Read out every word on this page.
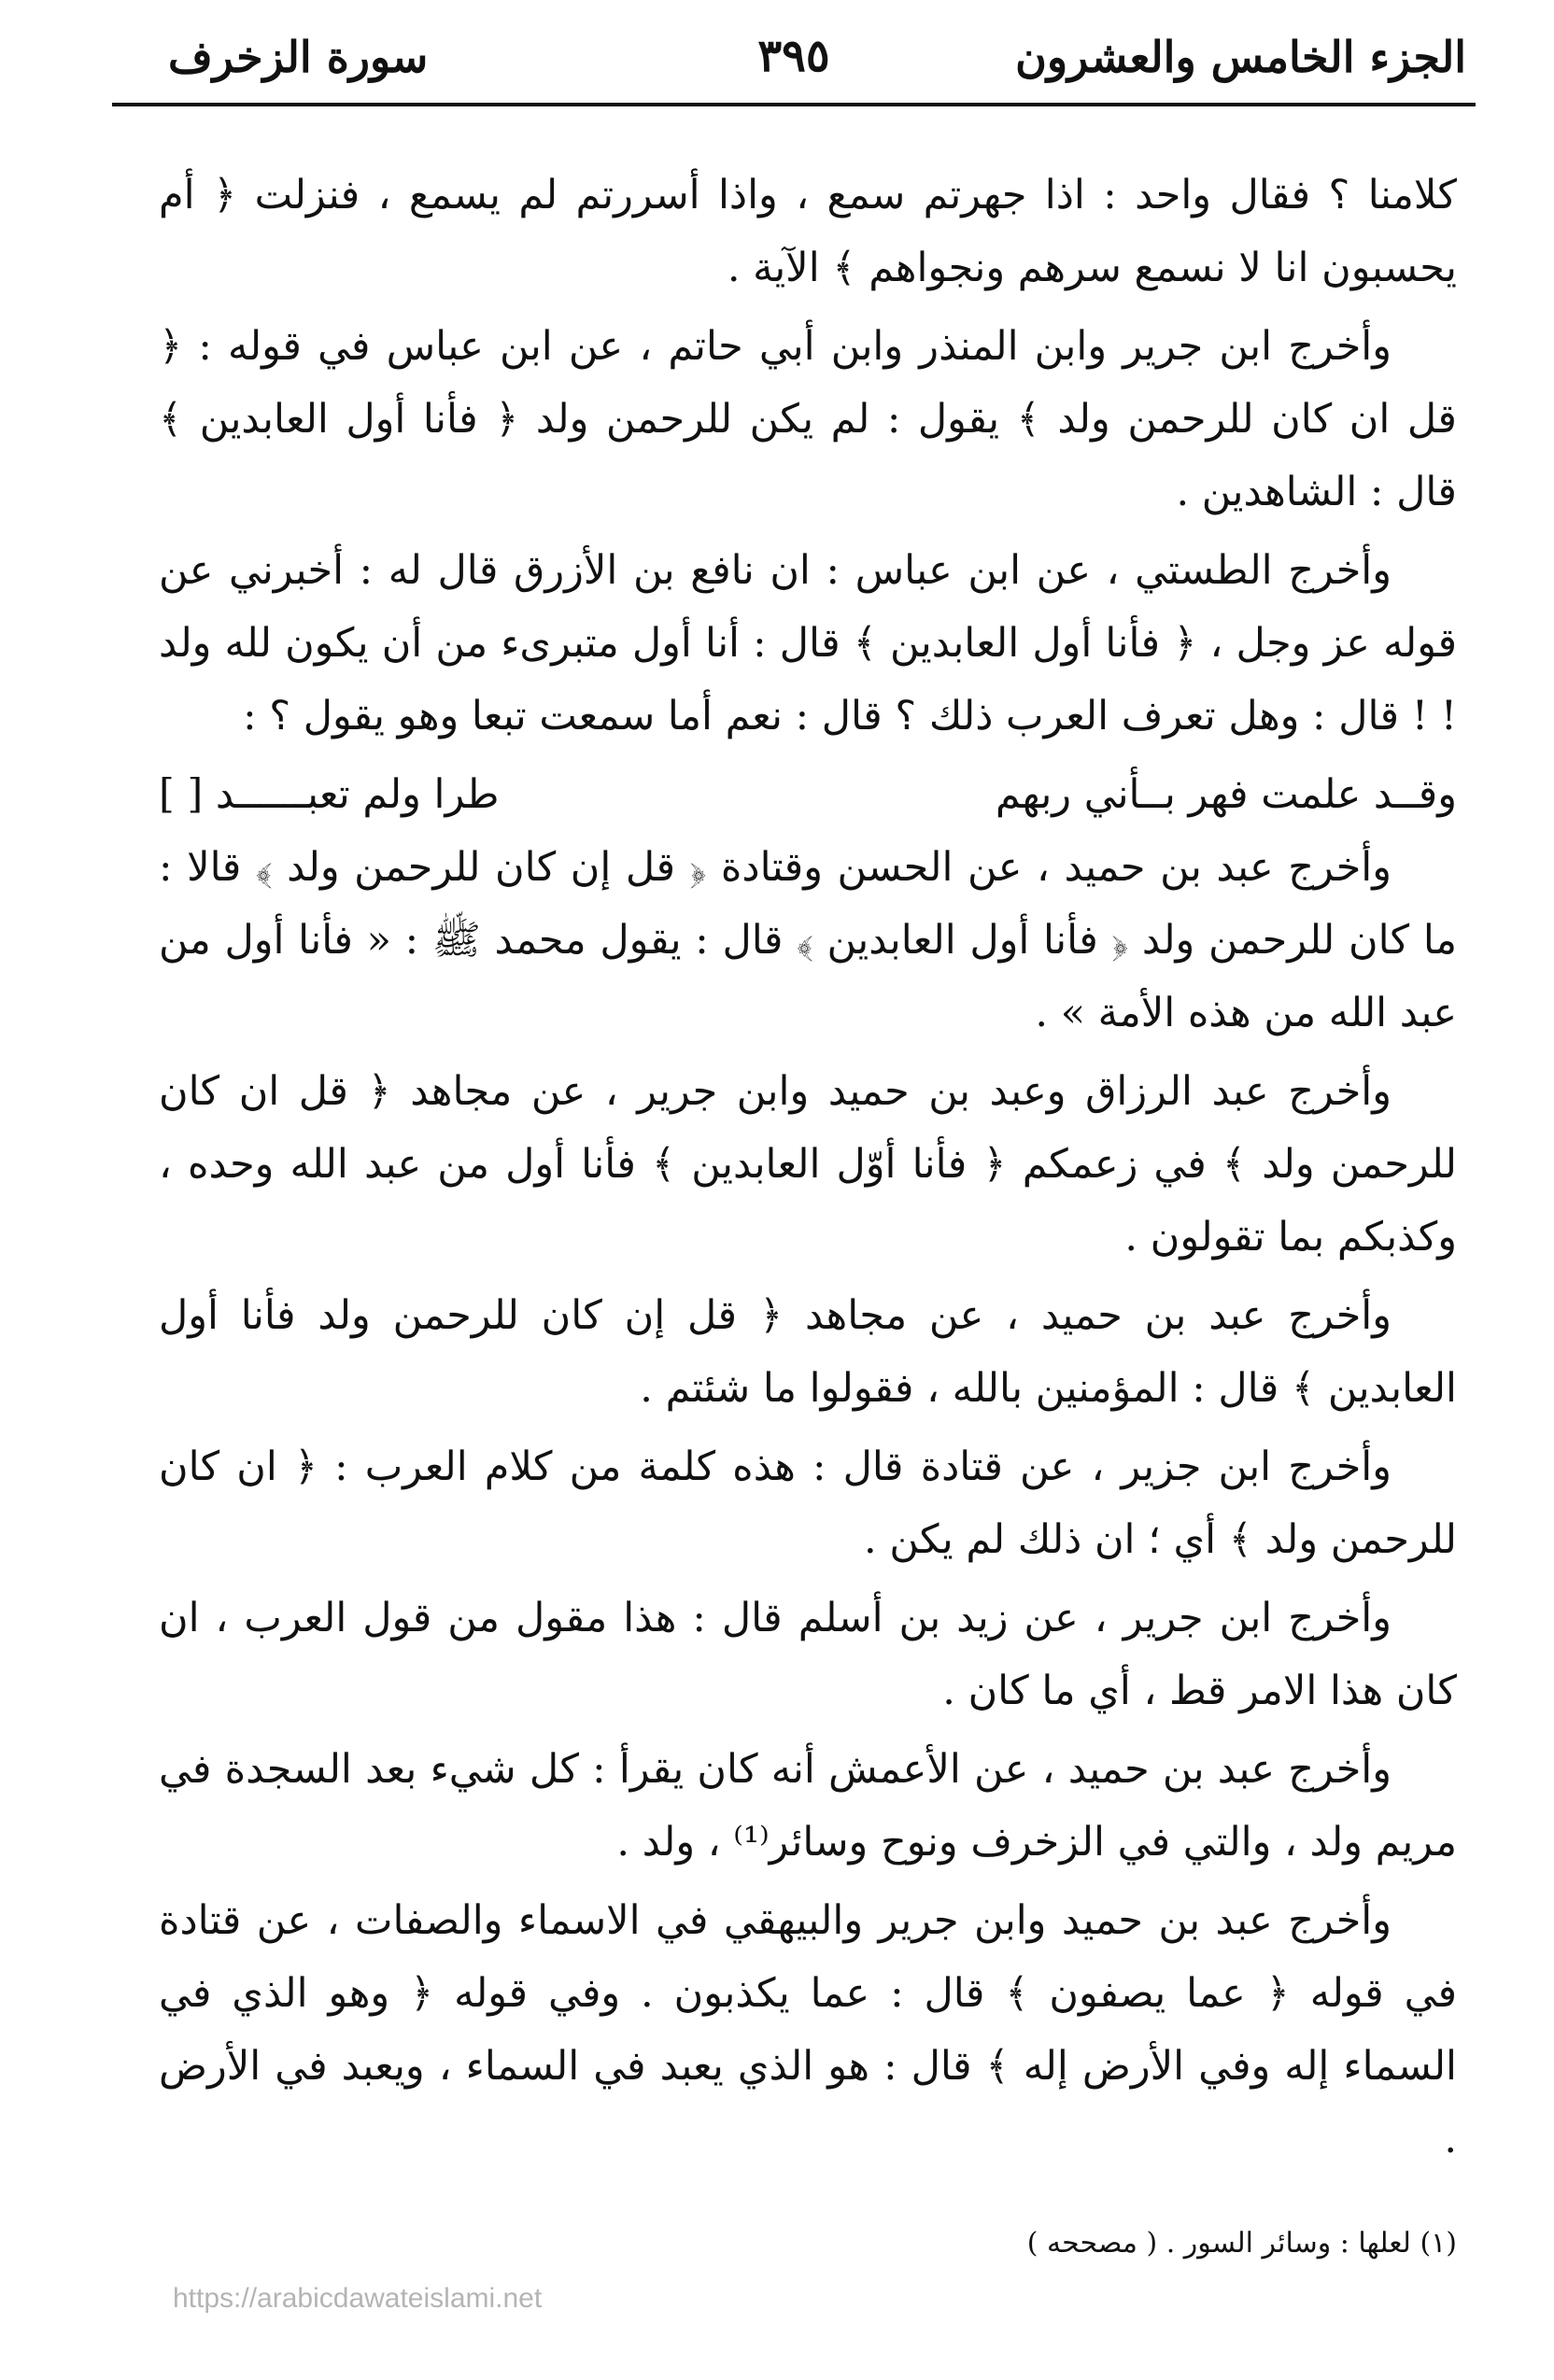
الجزء الخامس والعشرون
٣٩٥
سورة الزخرف

كلامنا ؟ فقال واحد : اذا جهرتم سمع ، واذا أسررتم لم يسمع ، فنزلت ﴿ أم يحسبون انا لا نسمع سرهم ونجواهم ﴾ الآية .

وأخرج ابن جرير وابن المنذر وابن أبي حاتم ، عن ابن عباس في قوله : ﴿ قل ان كان للرحمن ولد ﴾ يقول : لم يكن للرحمن ولد ﴿ فأنا أول العابدين ﴾ قال : الشاهدين .

وأخرج الطستي ، عن ابن عباس : ان نافع بن الأزرق قال له : أخبرني عن قوله عز وجل ، ﴿ فأنا أول العابدين ﴾ قال : أنا أول متبرىء من أن يكون لله ولد ! ! قال : وهل تعرف العرب ذلك ؟ قال : نعم أما سمعت تبعا وهو يقول ؟ :

وقــد علمت فهر بــأني ربهم
طرا ولم تعبــــــد [ ]

وأخرج عبد بن حميد ، عن الحسن وقتادة ﴿ قل إن كان للرحمن ولد ﴾ قالا : ما كان للرحمن ولد ﴿ فأنا أول العابدين ﴾ قال : يقول محمد ﷺ : « فأنا أول من عبد الله من هذه الأمة » .

وأخرج عبد الرزاق وعبد بن حميد وابن جرير ، عن مجاهد ﴿ قل ان كان للرحمن ولد ﴾ في زعمكم ﴿ فأنا أوّل العابدين ﴾ فأنا أول من عبد الله وحده ، وكذبكم بما تقولون .

وأخرج عبد بن حميد ، عن مجاهد ﴿ قل إن كان للرحمن ولد فأنا أول العابدين ﴾ قال : المؤمنين بالله ، فقولوا ما شئتم .

وأخرج ابن جزير ، عن قتادة قال : هذه كلمة من كلام العرب : ﴿ ان كان للرحمن ولد ﴾ أي ؛ ان ذلك لم يكن .

وأخرج ابن جرير ، عن زيد بن أسلم قال : هذا مقول من قول العرب ، ان كان هذا الامر قط ، أي ما كان .

وأخرج عبد بن حميد ، عن الأعمش أنه كان يقرأ : كل شيء بعد السجدة في مريم ولد ، والتي في الزخرف ونوح وسائر⁽¹⁾ ، ولد .

وأخرج عبد بن حميد وابن جرير والبيهقي في الاسماء والصفات ، عن قتادة في قوله ﴿ عما يصفون ﴾ قال : عما يكذبون . وفي قوله ﴿ وهو الذي في السماء إله وفي الأرض إله ﴾ قال : هو الذي يعبد في السماء ، ويعبد في الأرض .

(١) لعلها : وسائر السور . ( مصححه )
https://arabicdawateislami.net
